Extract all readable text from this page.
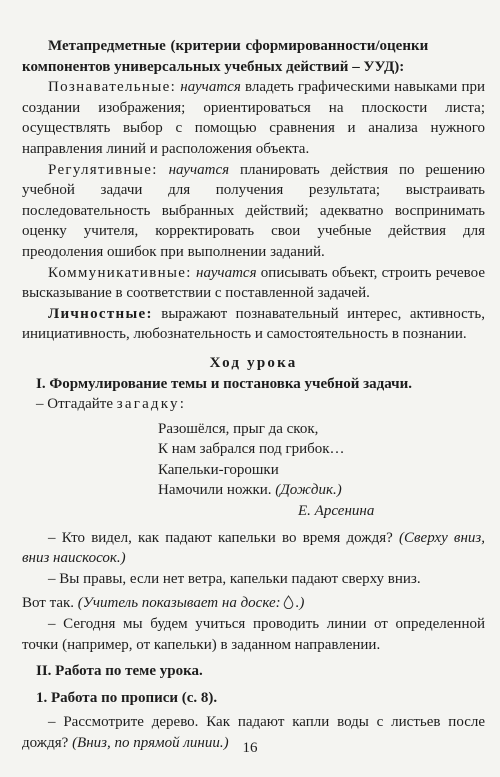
Метапредметные (критерии сформированности/оценки

компонентов универсальных учебных действий – УУД):

Познавательные: научатся владеть графическими навыками при создании изображения; ориентироваться на плоскости листа; осуществлять выбор с помощью сравнения и анализа нужного направления линий и расположения объекта.

Регулятивные: научатся планировать действия по решению учебной задачи для получения результата; выстраивать последовательность выбранных действий; адекватно воспринимать оценку учителя, корректировать свои учебные действия для преодоления ошибок при выполнении заданий.

Коммуникативные: научатся описывать объект, строить речевое высказывание в соответствии с поставленной задачей.

Личностные: выражают познавательный интерес, активность, инициативность, любознательность и самостоятельность в познании.

Ход урока

I. Формулирование темы и постановка учебной задачи.

– Отгадайте загадку:

Разошёлся, прыг да скок,
К нам забрался под грибок…
Капельки-горошки
Намочили ножки. (Дождик.)

Е. Арсенина

– Кто видел, как падают капельки во время дождя? (Сверху вниз, вниз наискосок.)

– Вы правы, если нет ветра, капельки падают сверху вниз.

Вот так. (Учитель показывает на доске: .)

– Сегодня мы будем учиться проводить линии от определенной точки (например, от капельки) в заданном направлении.

II. Работа по теме урока.

1. Работа по прописи (с. 8).

– Рассмотрите дерево. Как падают капли воды с листьев после дождя? (Вниз, по прямой линии.) 16
